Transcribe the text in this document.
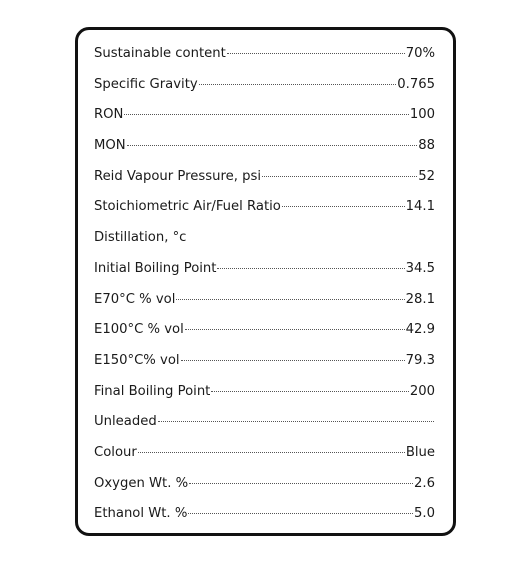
Sustainable content	70%
Specific Gravity	0.765
RON	100
MON	88
Reid Vapour Pressure, psi	52
Stoichiometric Air/Fuel Ratio	14.1
Distillation, °c
Initial Boiling Point	34.5
E70°C % vol	28.1
E100°C % vol	42.9
E150°C% vol	79.3
Final Boiling Point	200
Unleaded
Colour	Blue
Oxygen Wt. %	2.6
Ethanol Wt. %	5.0
